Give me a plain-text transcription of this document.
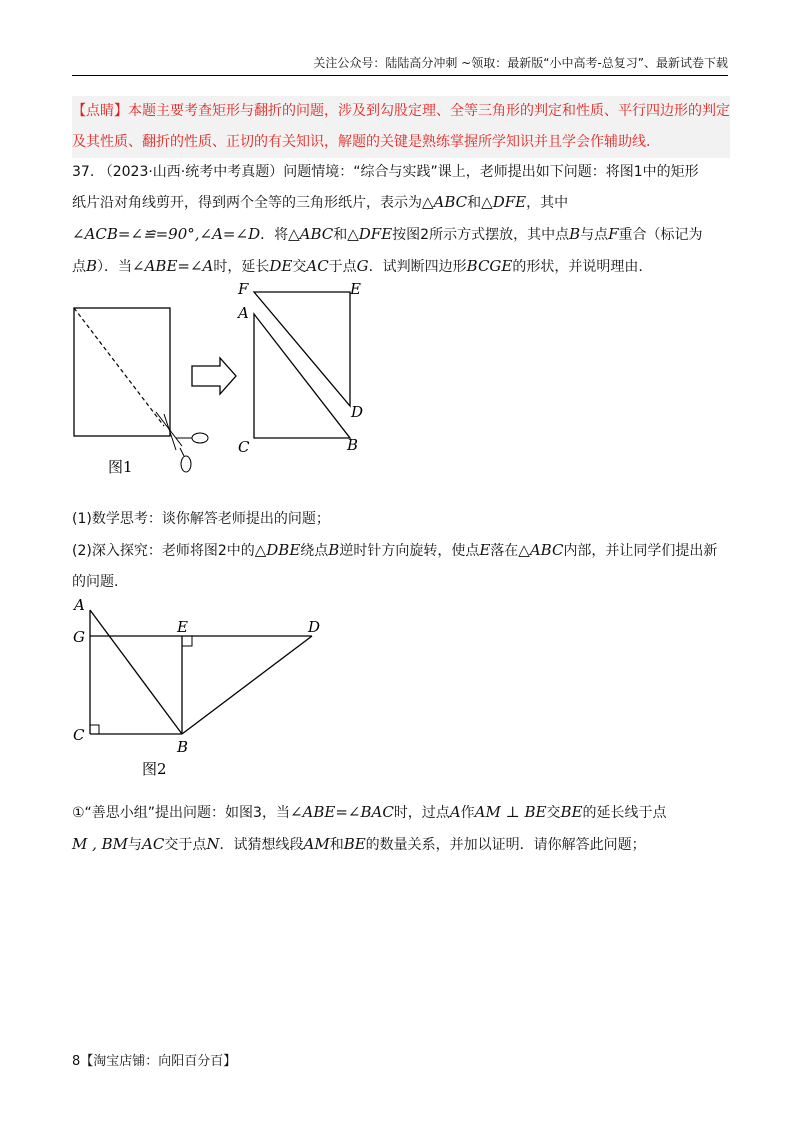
关注公众号：陆陆高分冲刺 ~领取：最新版“小中高考-总复习”、最新试卷下载
【点睛】本题主要考查矩形与翻折的问题，涉及到勾股定理、全等三角形的判定和性质、平行四边形的判定及其性质、翻折的性质、正切的有关知识，解题的关键是熟练掌握所学知识并且学会作辅助线.
37. （2023·山西·统考中考真题）问题情境：“综合与实践”课上，老师提出如下问题：将图1中的矩形
纸片沿对角线剪开，得到两个全等的三角形纸片，表示为△ABC和△DFE，其中
∠ACB=∠≌=90°,∠A=∠D．将△ABC和△DFE按图2所示方式摆放，其中点B与点F重合（标记为
点B）．当∠ABE=∠A时，延长DE交AC于点G．试判断四边形BCGE的形状，并说明理由.
F	E
A
D
C	B
图1
(1)数学思考：谈你解答老师提出的问题；
(2)深入探究：老师将图2中的△DBE绕点B逆时针方向旋转，使点E落在△ABC内部，并让同学们提出新
的问题.
A
G
E	D
C
B
图2
①“善思小组”提出问题：如图3，当∠ABE=∠BAC时，过点A作AM ⊥ BE交BE的延长线于点
M , BM与AC交于点N．试猜想线段AM和BE的数量关系，并加以证明．请你解答此问题；
8【淘宝店铺：向阳百分百】
